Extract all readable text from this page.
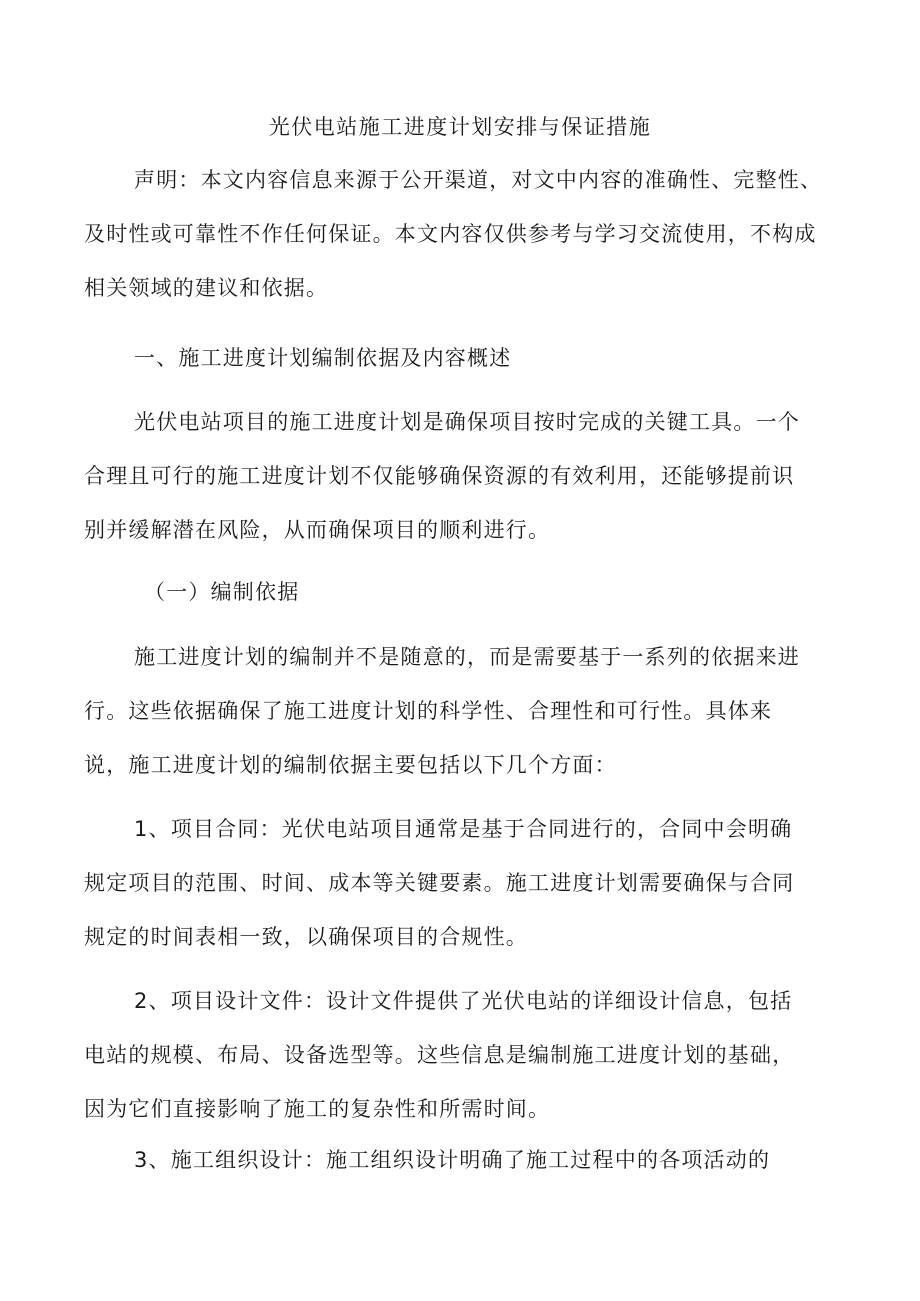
光伏电站施工进度计划安排与保证措施
声明：本文内容信息来源于公开渠道，对文中内容的准确性、完整性、
及时性或可靠性不作任何保证。本文内容仅供参考与学习交流使用，不构成
相关领域的建议和依据。
一、施工进度计划编制依据及内容概述
光伏电站项目的施工进度计划是确保项目按时完成的关键工具。一个
合理且可行的施工进度计划不仅能够确保资源的有效利用，还能够提前识
别并缓解潜在风险，从而确保项目的顺利进行。
（一）编制依据
施工进度计划的编制并不是随意的，而是需要基于一系列的依据来进
行。这些依据确保了施工进度计划的科学性、合理性和可行性。具体来
说，施工进度计划的编制依据主要包括以下几个方面：
1、项目合同：光伏电站项目通常是基于合同进行的，合同中会明确
规定项目的范围、时间、成本等关键要素。施工进度计划需要确保与合同
规定的时间表相一致，以确保项目的合规性。
2、项目设计文件：设计文件提供了光伏电站的详细设计信息，包括
电站的规模、布局、设备选型等。这些信息是编制施工进度计划的基础，
因为它们直接影响了施工的复杂性和所需时间。
3、施工组织设计：施工组织设计明确了施工过程中的各项活动的
